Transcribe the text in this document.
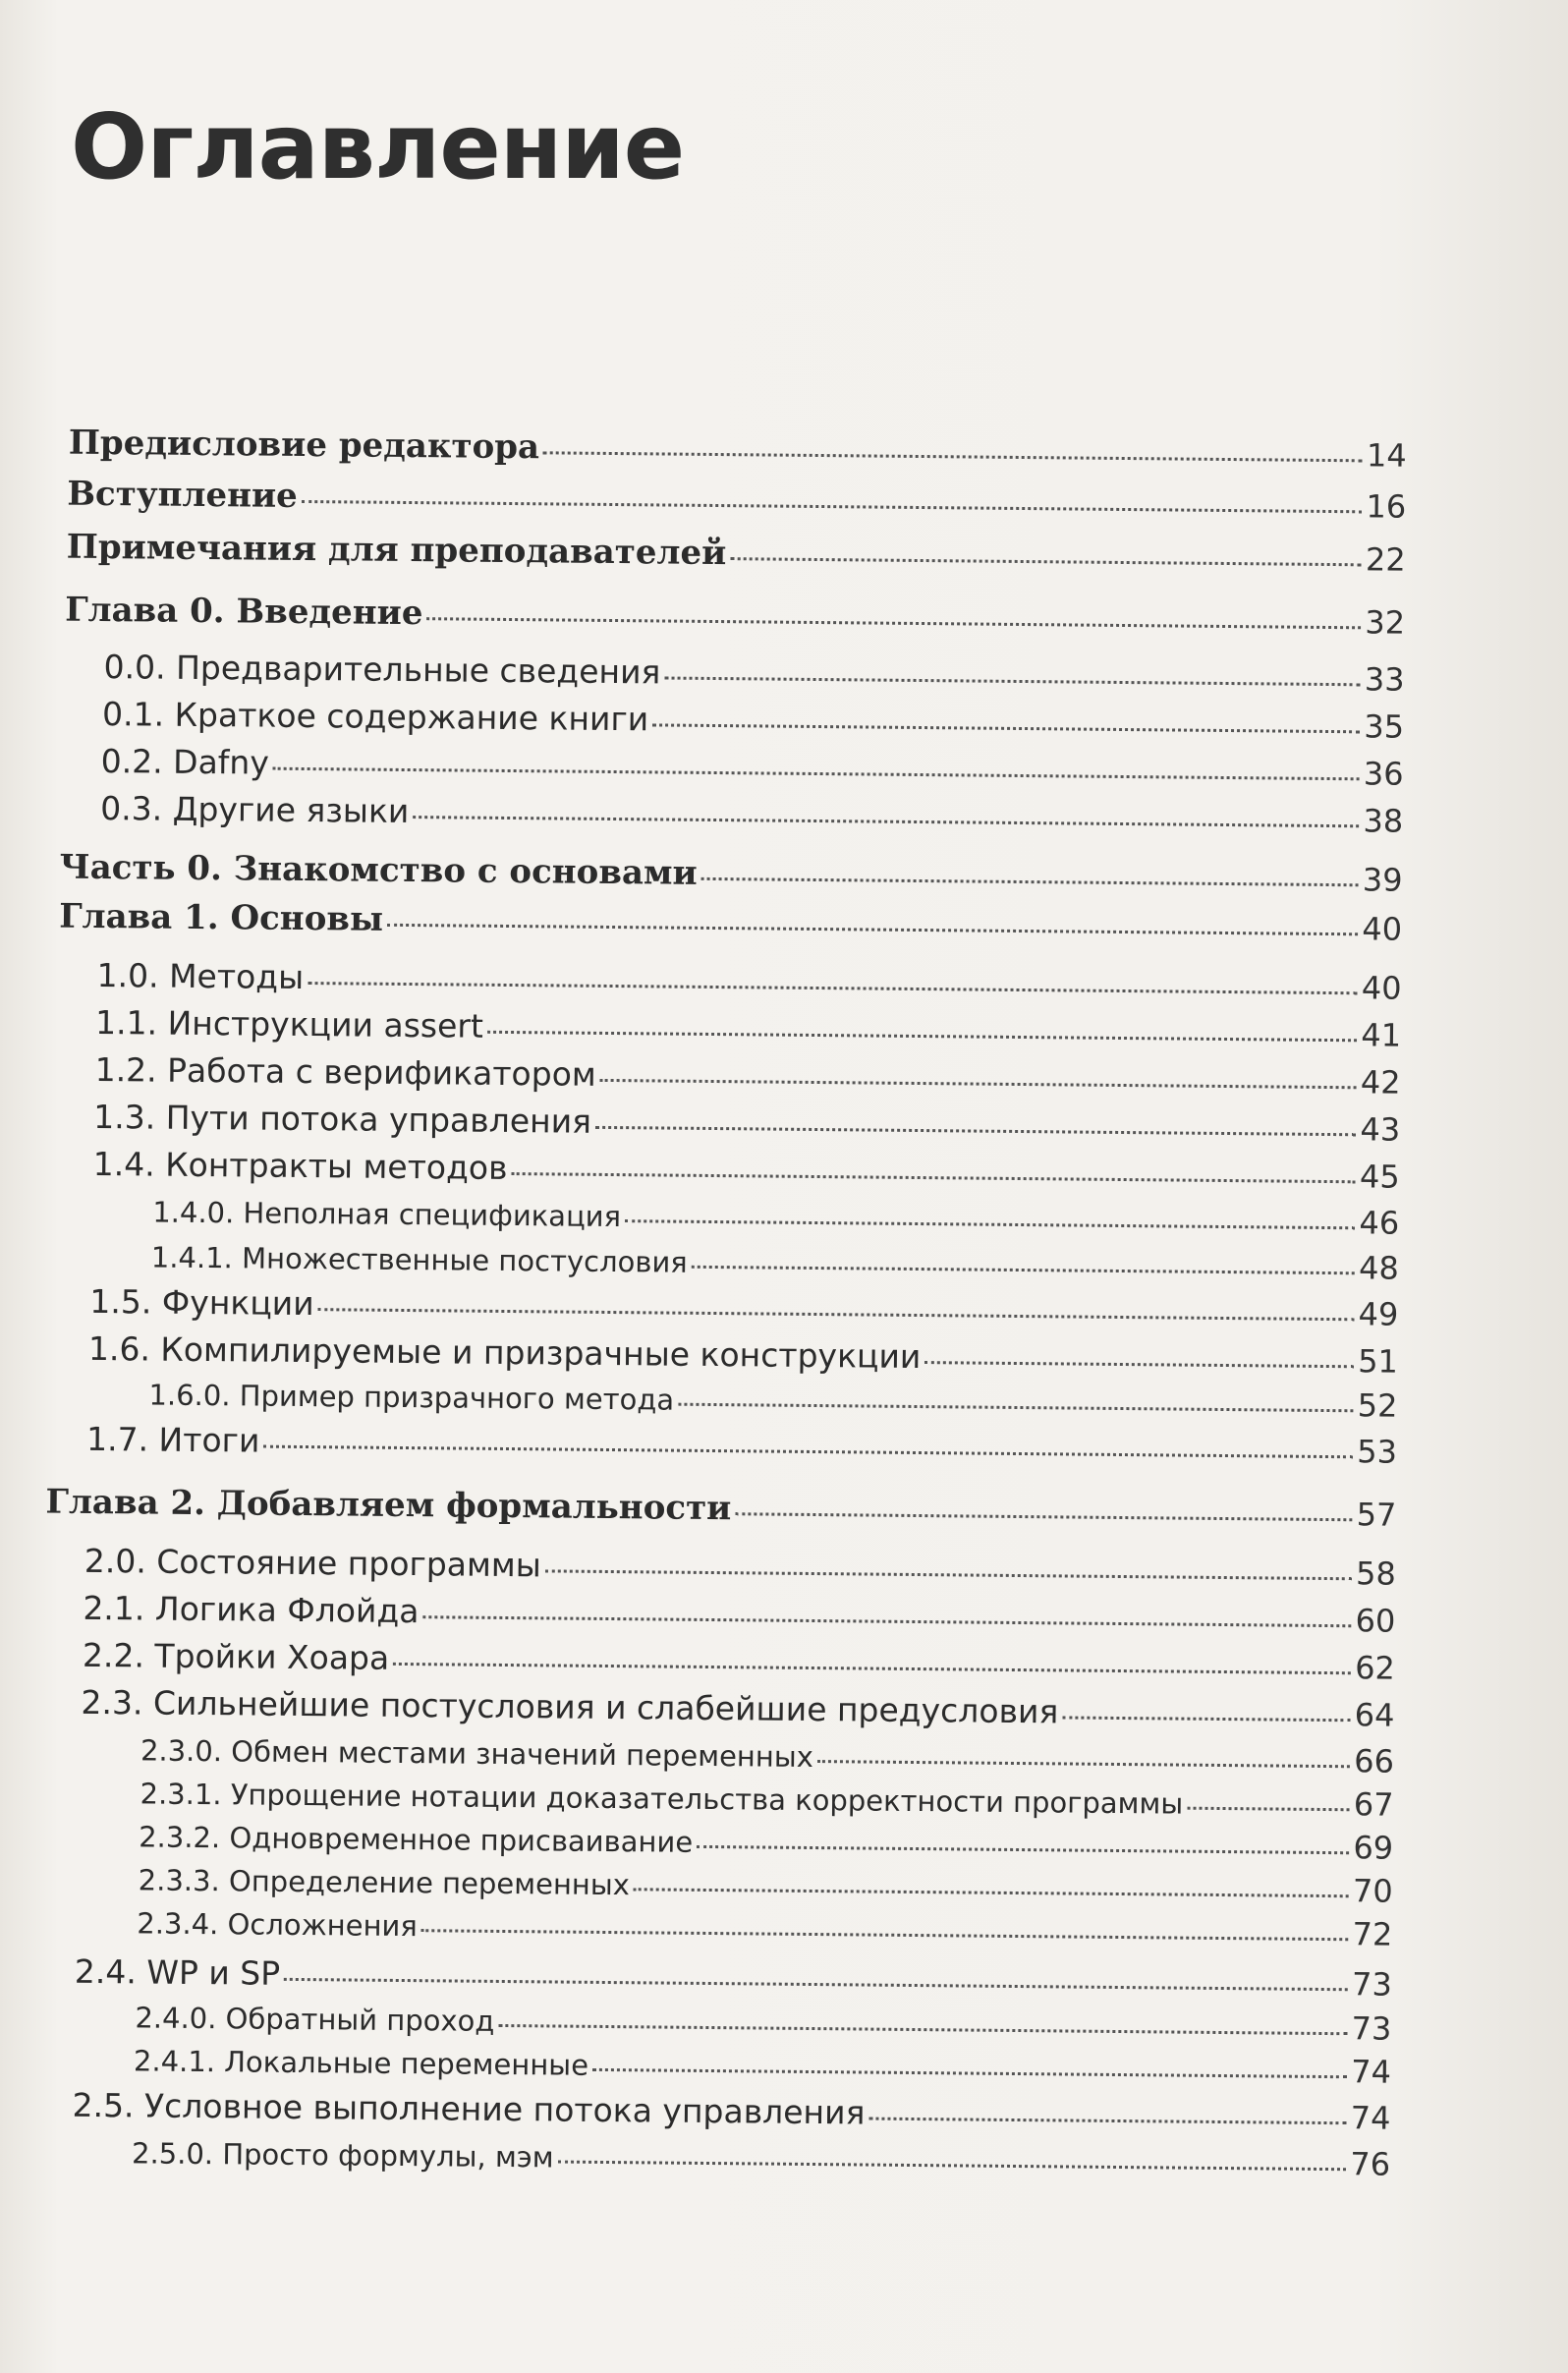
Оглавление
Предисловие редактора	14
Вступление	16
Примечания для преподавателей	22
Глава 0. Введение	32
0.0. Предварительные сведения	33
0.1. Краткое содержание книги	35
0.2. Dafny	36
0.3. Другие языки	38
Часть 0. Знакомство с основами	39
Глава 1. Основы	40
1.0. Методы	40
1.1. Инструкции assert	41
1.2. Работа с верификатором	42
1.3. Пути потока управления	43
1.4. Контракты методов	45
1.4.0. Неполная спецификация	46
1.4.1. Множественные постусловия	48
1.5. Функции	49
1.6. Компилируемые и призрачные конструкции	51
1.6.0. Пример призрачного метода	52
1.7. Итоги	53
Глава 2. Добавляем формальности	57
2.0. Состояние программы	58
2.1. Логика Флойда	60
2.2. Тройки Хоара	62
2.3. Сильнейшие постусловия и слабейшие предусловия	64
2.3.0. Обмен местами значений переменных	66
2.3.1. Упрощение нотации доказательства корректности программы	67
2.3.2. Одновременное присваивание	69
2.3.3. Определение переменных	70
2.3.4. Осложнения	72
2.4. WP и SP	73
2.4.0. Обратный проход	73
2.4.1. Локальные переменные	74
2.5. Условное выполнение потока управления	74
2.5.0. Просто формулы, мэм	76
